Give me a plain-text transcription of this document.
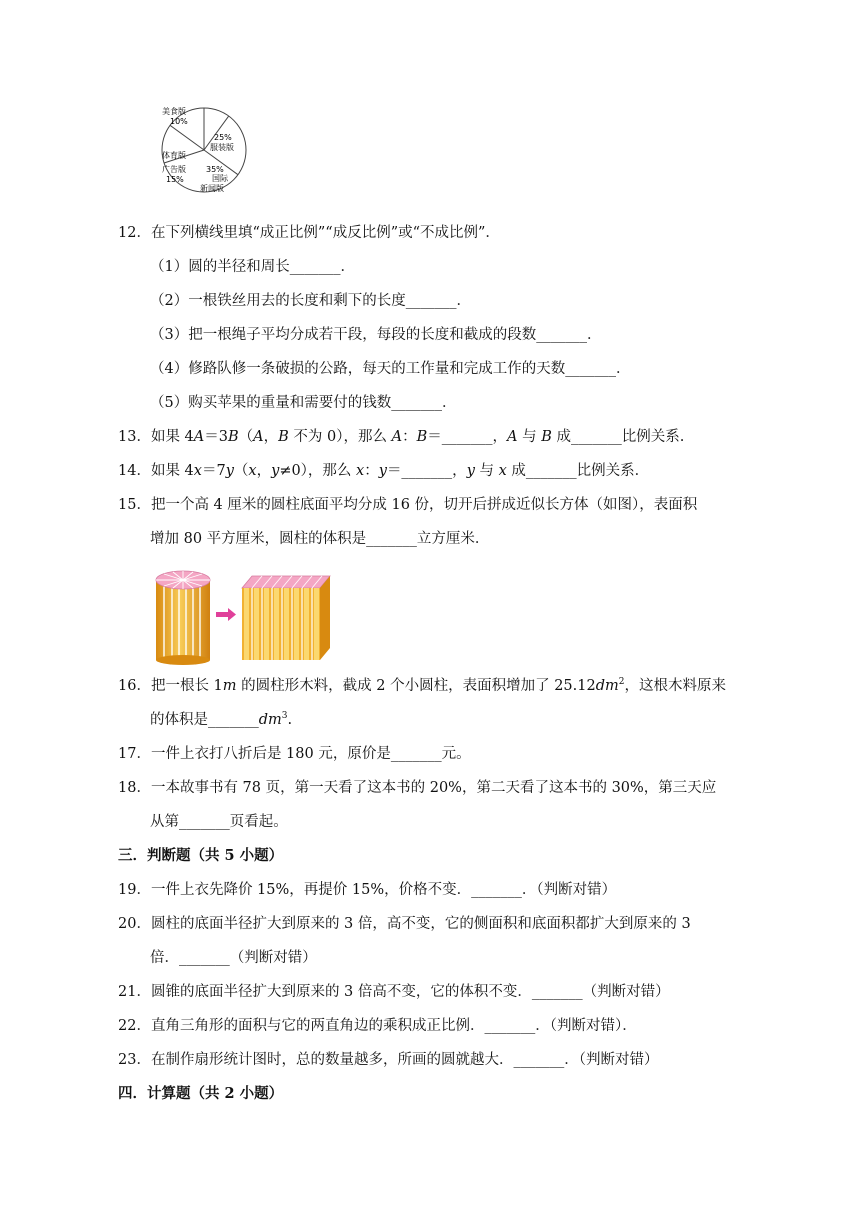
美食版
10%
25%
服装版
体育版
广告版
15%
35%
国际
新闻版
12．在下列横线里填“成正比例”“成反比例”或“不成比例”．
（1）圆的半径和周长_______．
（2）一根铁丝用去的长度和剩下的长度_______．
（3）把一根绳子平均分成若干段，每段的长度和截成的段数_______．
（4）修路队修一条破损的公路，每天的工作量和完成工作的天数_______．
（5）购买苹果的重量和需要付的钱数_______．
13．如果 4A＝3B（A，B 不为 0），那么 A：B＝_______，A 与 B 成_______比例关系.
14．如果 4x＝7y（x，y≠0），那么 x：y＝_______，y 与 x 成_______比例关系．
15．把一个高 4 厘米的圆柱底面平均分成 16 份，切开后拼成近似长方体（如图），表面积
增加 80 平方厘米，圆柱的体积是_______立方厘米．
16．把一根长 1m 的圆柱形木料，截成 2 个小圆柱，表面积增加了 $25.12dm^2$，这根木料原来
的体积是$\_\_\_\_\_\_\_dm^3$.
17．一件上衣打八折后是 180 元，原价是_______元。
18．一本故事书有 78 页，第一天看了这本书的 20%，第二天看了这本书的 30%，第三天应
从第_______页看起。
三．判断题（共 5 小题）
19．一件上衣先降价 15%，再提价 15%，价格不变．_______．（判断对错）
20．圆柱的底面半径扩大到原来的 3 倍，高不变，它的侧面积和底面积都扩大到原来的 3
倍．_______（判断对错）
21．圆锥的底面半径扩大到原来的 3 倍高不变，它的体积不变．_______（判断对错）
22．直角三角形的面积与它的两直角边的乘积成正比例．_______．（判断对错）．
23．在制作扇形统计图时，总的数量越多，所画的圆就越大．_______．（判断对错）
四．计算题（共 2 小题）
